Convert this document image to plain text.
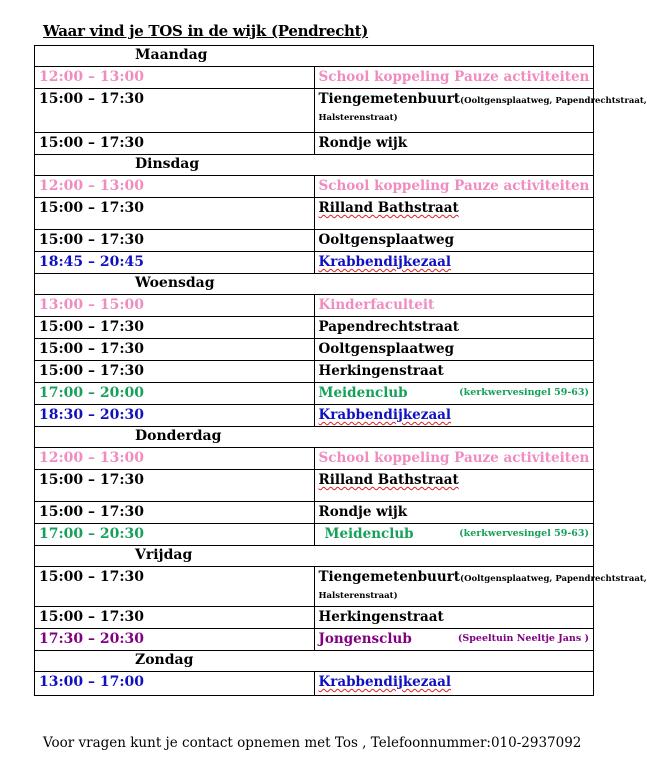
Waar vind je TOS in de wijk (Pendrecht)
Maandag	
12:00 – 13:00	School koppeling Pauze activiteiten
15:00 – 17:30	Tiengemetenbuurt(Ooltgensplaatweg, Papendrechtstraat,
Halsterenstraat)

15:00 – 17:30	Rondje wijk
Dinsdag	
12:00 – 13:00	School koppeling Pauze activiteiten
15:00 – 17:30	Rilland Bathstraat
15:00 – 17:30	Ooltgensplaatweg
18:45 – 20:45	Krabbendijkezaal
Woensdag	
13:00 – 15:00	Kinderfaculteit
15:00 – 17:30	Papendrechtstraat
15:00 – 17:30	Ooltgensplaatweg
15:00 – 17:30	Herkingenstraat
17:00 – 20:00	Meidenclub (kerkwervesingel 59-63)

18:30 – 20:30	Krabbendijkezaal
Donderdag	
12:00 – 13:00	School koppeling Pauze activiteiten
15:00 – 17:30	Rilland Bathstraat
15:00 – 17:30	Rondje wijk
17:00 – 20:30	Meidenclub (kerkwervesingel 59-63)

Vrijdag	
15:00 – 17:30	Tiengemetenbuurt(Ooltgensplaatweg, Papendrechtstraat,
Halsterenstraat)

15:00 – 17:30	Herkingenstraat
17:30 – 20:30	Jongensclub (Speeltuin Neeltje Jans )

Zondag	
13:00 – 17:00	Krabbendijkezaal
Voor vragen kunt je contact opnemen met Tos , Telefoonnummer:010-2937092
